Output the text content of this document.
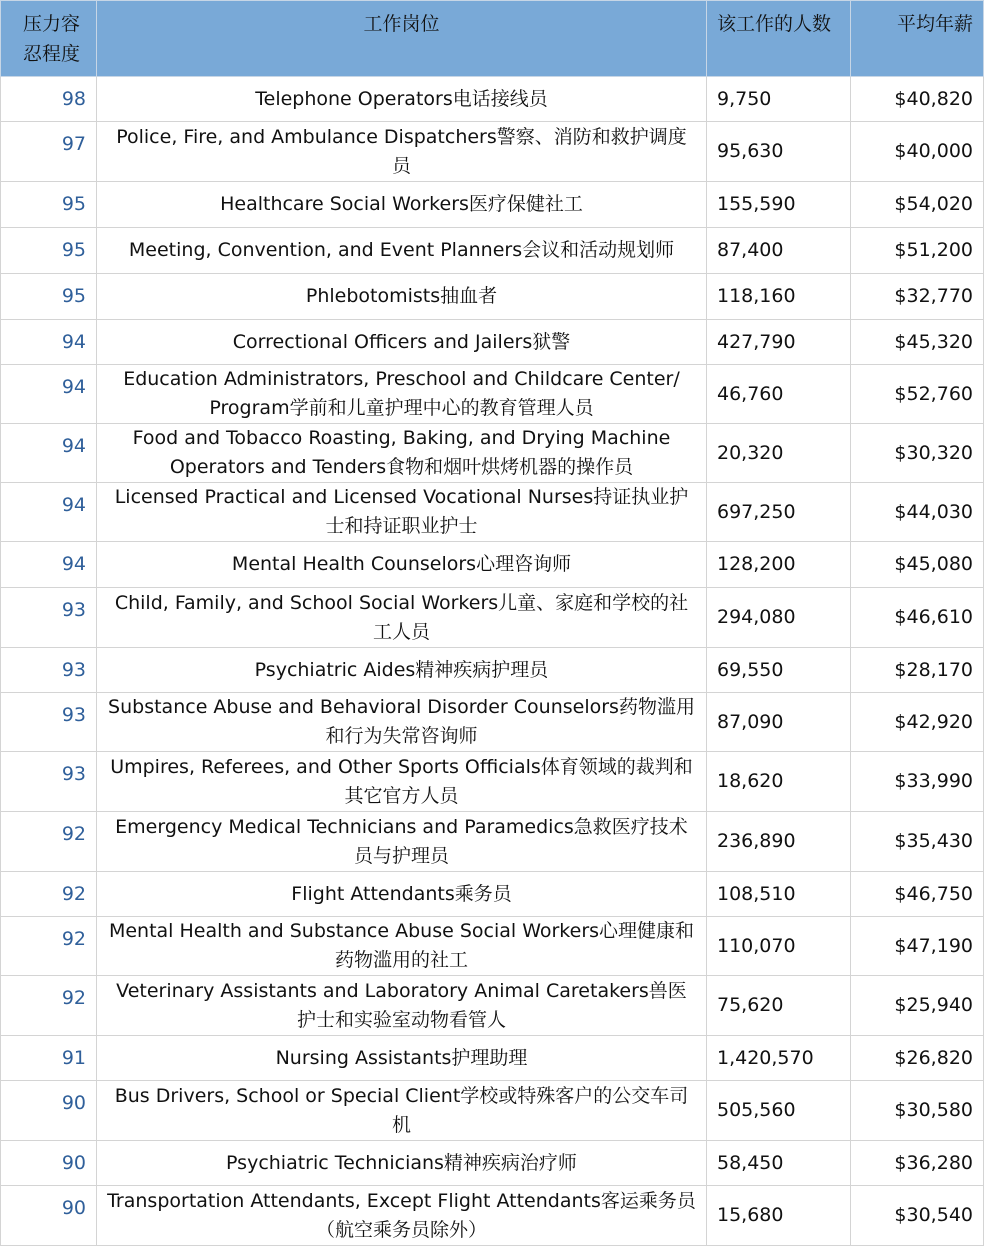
压力容忍程度	工作岗位	该工作的人数	平均年薪
98	Telephone Operators电话接线员	9,750	$40,820
97	Police, Fire, and Ambulance Dispatchers警察、消防和救护调度员	95,630	$40,000
95	Healthcare Social Workers医疗保健社工	155,590	$54,020
95	Meeting, Convention, and Event Planners会议和活动规划师	87,400	$51,200
95	Phlebotomists抽血者	118,160	$32,770
94	Correctional Officers and Jailers狱警	427,790	$45,320
94	Education Administrators, Preschool and Childcare Center/ Program学前和儿童护理中心的教育管理人员	46,760	$52,760
94	Food and Tobacco Roasting, Baking, and Drying Machine Operators and Tenders食物和烟叶烘烤机器的操作员	20,320	$30,320
94	Licensed Practical and Licensed Vocational Nurses持证执业护士和持证职业护士	697,250	$44,030
94	Mental Health Counselors心理咨询师	128,200	$45,080
93	Child, Family, and School Social Workers儿童、家庭和学校的社工人员	294,080	$46,610
93	Psychiatric Aides精神疾病护理员	69,550	$28,170
93	Substance Abuse and Behavioral Disorder Counselors药物滥用和行为失常咨询师	87,090	$42,920
93	Umpires, Referees, and Other Sports Officials体育领域的裁判和其它官方人员	18,620	$33,990
92	Emergency Medical Technicians and Paramedics急救医疗技术员与护理员	236,890	$35,430
92	Flight Attendants乘务员	108,510	$46,750
92	Mental Health and Substance Abuse Social Workers心理健康和药物滥用的社工	110,070	$47,190
92	Veterinary Assistants and Laboratory Animal Caretakers兽医护士和实验室动物看管人	75,620	$25,940
91	Nursing Assistants护理助理	1,420,570	$26,820
90	Bus Drivers, School or Special Client学校或特殊客户的公交车司机	505,560	$30,580
90	Psychiatric Technicians精神疾病治疗师	58,450	$36,280
90	Transportation Attendants, Except Flight Attendants客运乘务员（航空乘务员除外）	15,680	$30,540
